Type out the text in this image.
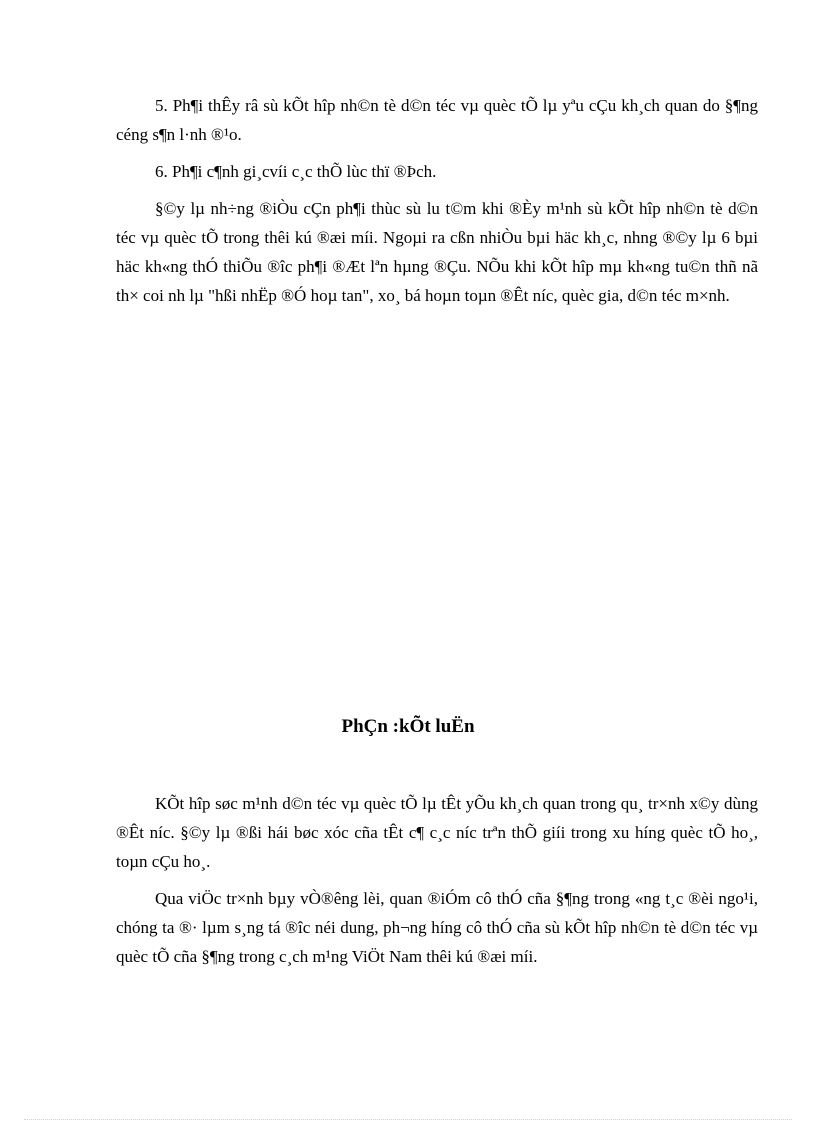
5. Ph¶i thÊy râ sù kÕt hîp nh©n tè d©n téc vµ quèc tÕ lµ yªu cÇu kh¸ch quan do §¶ng céng s¶n l·nh ®¹o.

6. Ph¶i c¶nh gi¸cvíi c¸c thÕ lùc thï ®Þch.

§©y lµ nh÷ng ®iÒu cÇn ph¶i thùc sù lu t©m khi ®Èy m¹nh sù kÕt hîp nh©n tè d©n téc vµ quèc tÕ trong thêi kú ®æi míi. Ngoµi ra cßn nhiÒu bµi häc kh¸c, nhng ®©y lµ 6 bµi häc kh«ng thÓ thiÕu ®îc ph¶i ®Æt lªn hµng ®Çu. NÕu khi kÕt hîp mµ kh«ng tu©n thñ nã th× coi nh lµ "hßi nhËp ®Ó hoµ tan", xo¸ bá hoµn toµn ®Êt níc, quèc gia, d©n téc m×nh.

PhÇn :kÕt luËn

KÕt hîp søc m¹nh d©n téc vµ quèc tÕ lµ tÊt yÕu kh¸ch quan trong qu¸ tr×nh x©y dùng ®Êt níc. §©y lµ ®ßi hái bøc xóc cña tÊt c¶ c¸c níc trªn thÕ giíi trong xu híng quèc tÕ ho¸, toµn cÇu ho¸.

Qua viÖc tr×nh bµy vÒ®êng lèi, quan ®iÓm cô thÓ cña §¶ng trong «ng t¸c ®èi ngo¹i, chóng ta ®· lµm s¸ng tá ®îc néi dung, ph¬ng híng cô thÓ cña sù kÕt hîp nh©n tè d©n téc vµ quèc tÕ cña §¶ng trong c¸ch m¹ng ViÖt Nam thêi kú ®æi míi.
